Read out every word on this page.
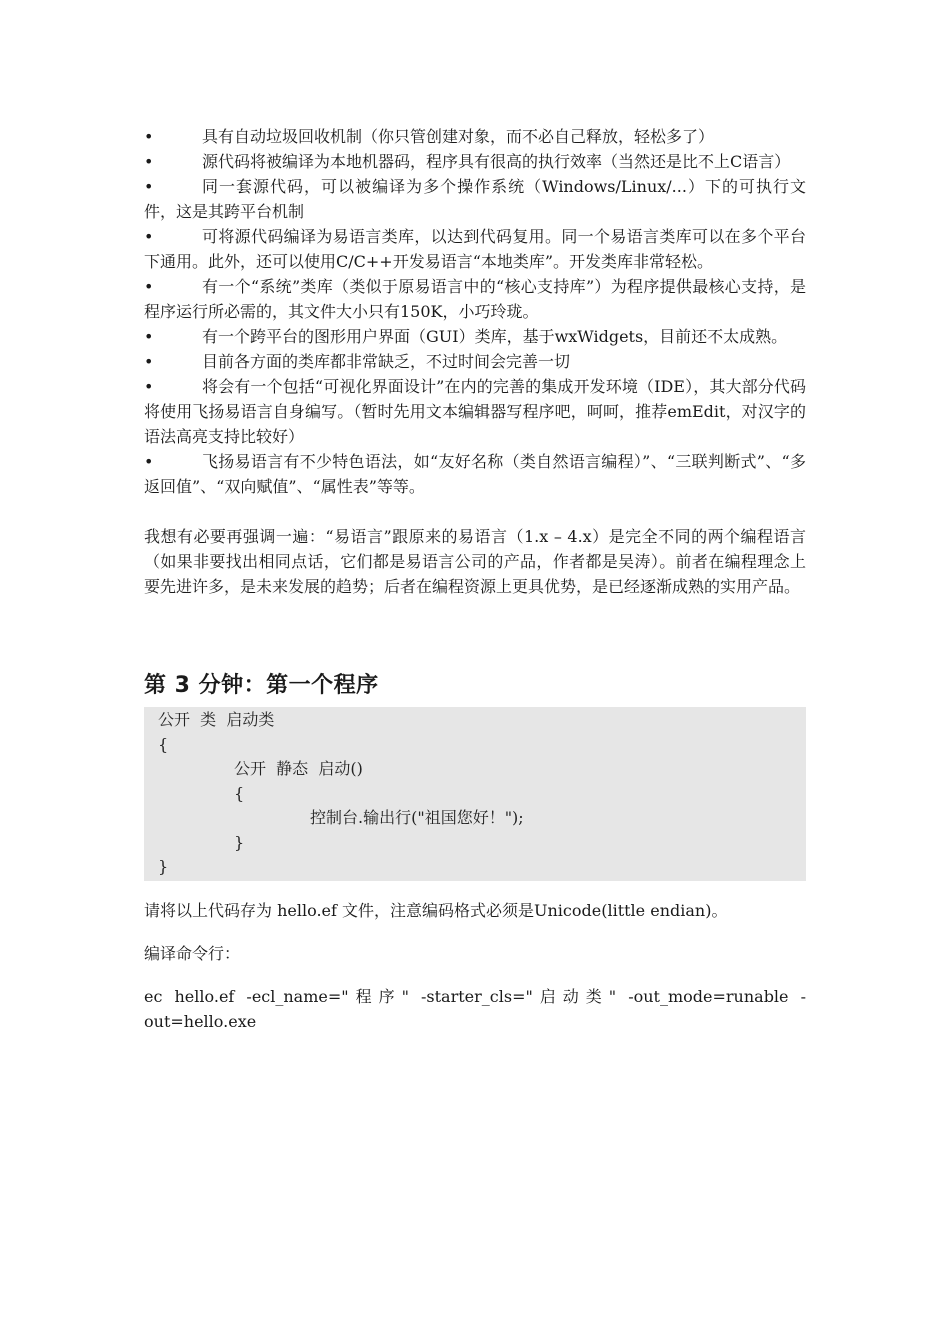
•	具有自动垃圾回收机制（你只管创建对象，而不必自己释放，轻松多了）
•	源代码将被编译为本地机器码，程序具有很高的执行效率（当然还是比不上C语言）
•	同一套源代码，可以被编译为多个操作系统（Windows/Linux/...）下的可执行文件，这是其跨平台机制
•	可将源代码编译为易语言类库，以达到代码复用。同一个易语言类库可以在多个平台下通用。此外，还可以使用C/C++开发易语言“本地类库”。开发类库非常轻松。
•	有一个“系统”类库（类似于原易语言中的“核心支持库”）为程序提供最核心支持，是程序运行所必需的，其文件大小只有150K，小巧玲珑。
•	有一个跨平台的图形用户界面（GUI）类库，基于wxWidgets，目前还不太成熟。
•	目前各方面的类库都非常缺乏，不过时间会完善一切
•	将会有一个包括“可视化界面设计”在内的完善的集成开发环境（IDE），其大部分代码将使用飞扬易语言自身编写。（暂时先用文本编辑器写程序吧，呵呵，推荐emEdit，对汉字的语法高亮支持比较好）
•	飞扬易语言有不少特色语法，如“友好名称（类自然语言编程）”、“三联判断式”、“多返回值”、“双向赋值”、“属性表”等等。

我想有必要再强调一遍：“易语言”跟原来的易语言（1.x – 4.x）是完全不同的两个编程语言（如果非要找出相同点话，它们都是易语言公司的产品，作者都是吴涛）。前者在编程理念上要先进许多，是未来发展的趋势；后者在编程资源上更具优势，是已经逐渐成熟的实用产品。

第 3 分钟：第一个程序
公开  类  启动类
{
公开  静态  启动()
{
控制台.输出行("祖国您好！");
}
}

请将以上代码存为 hello.ef 文件，注意编码格式必须是Unicode(little endian)。

编译命令行：

ec hello.ef -ecl_name="程序" -starter_cls="启动类" -out_mode=runable -out=hello.exe
